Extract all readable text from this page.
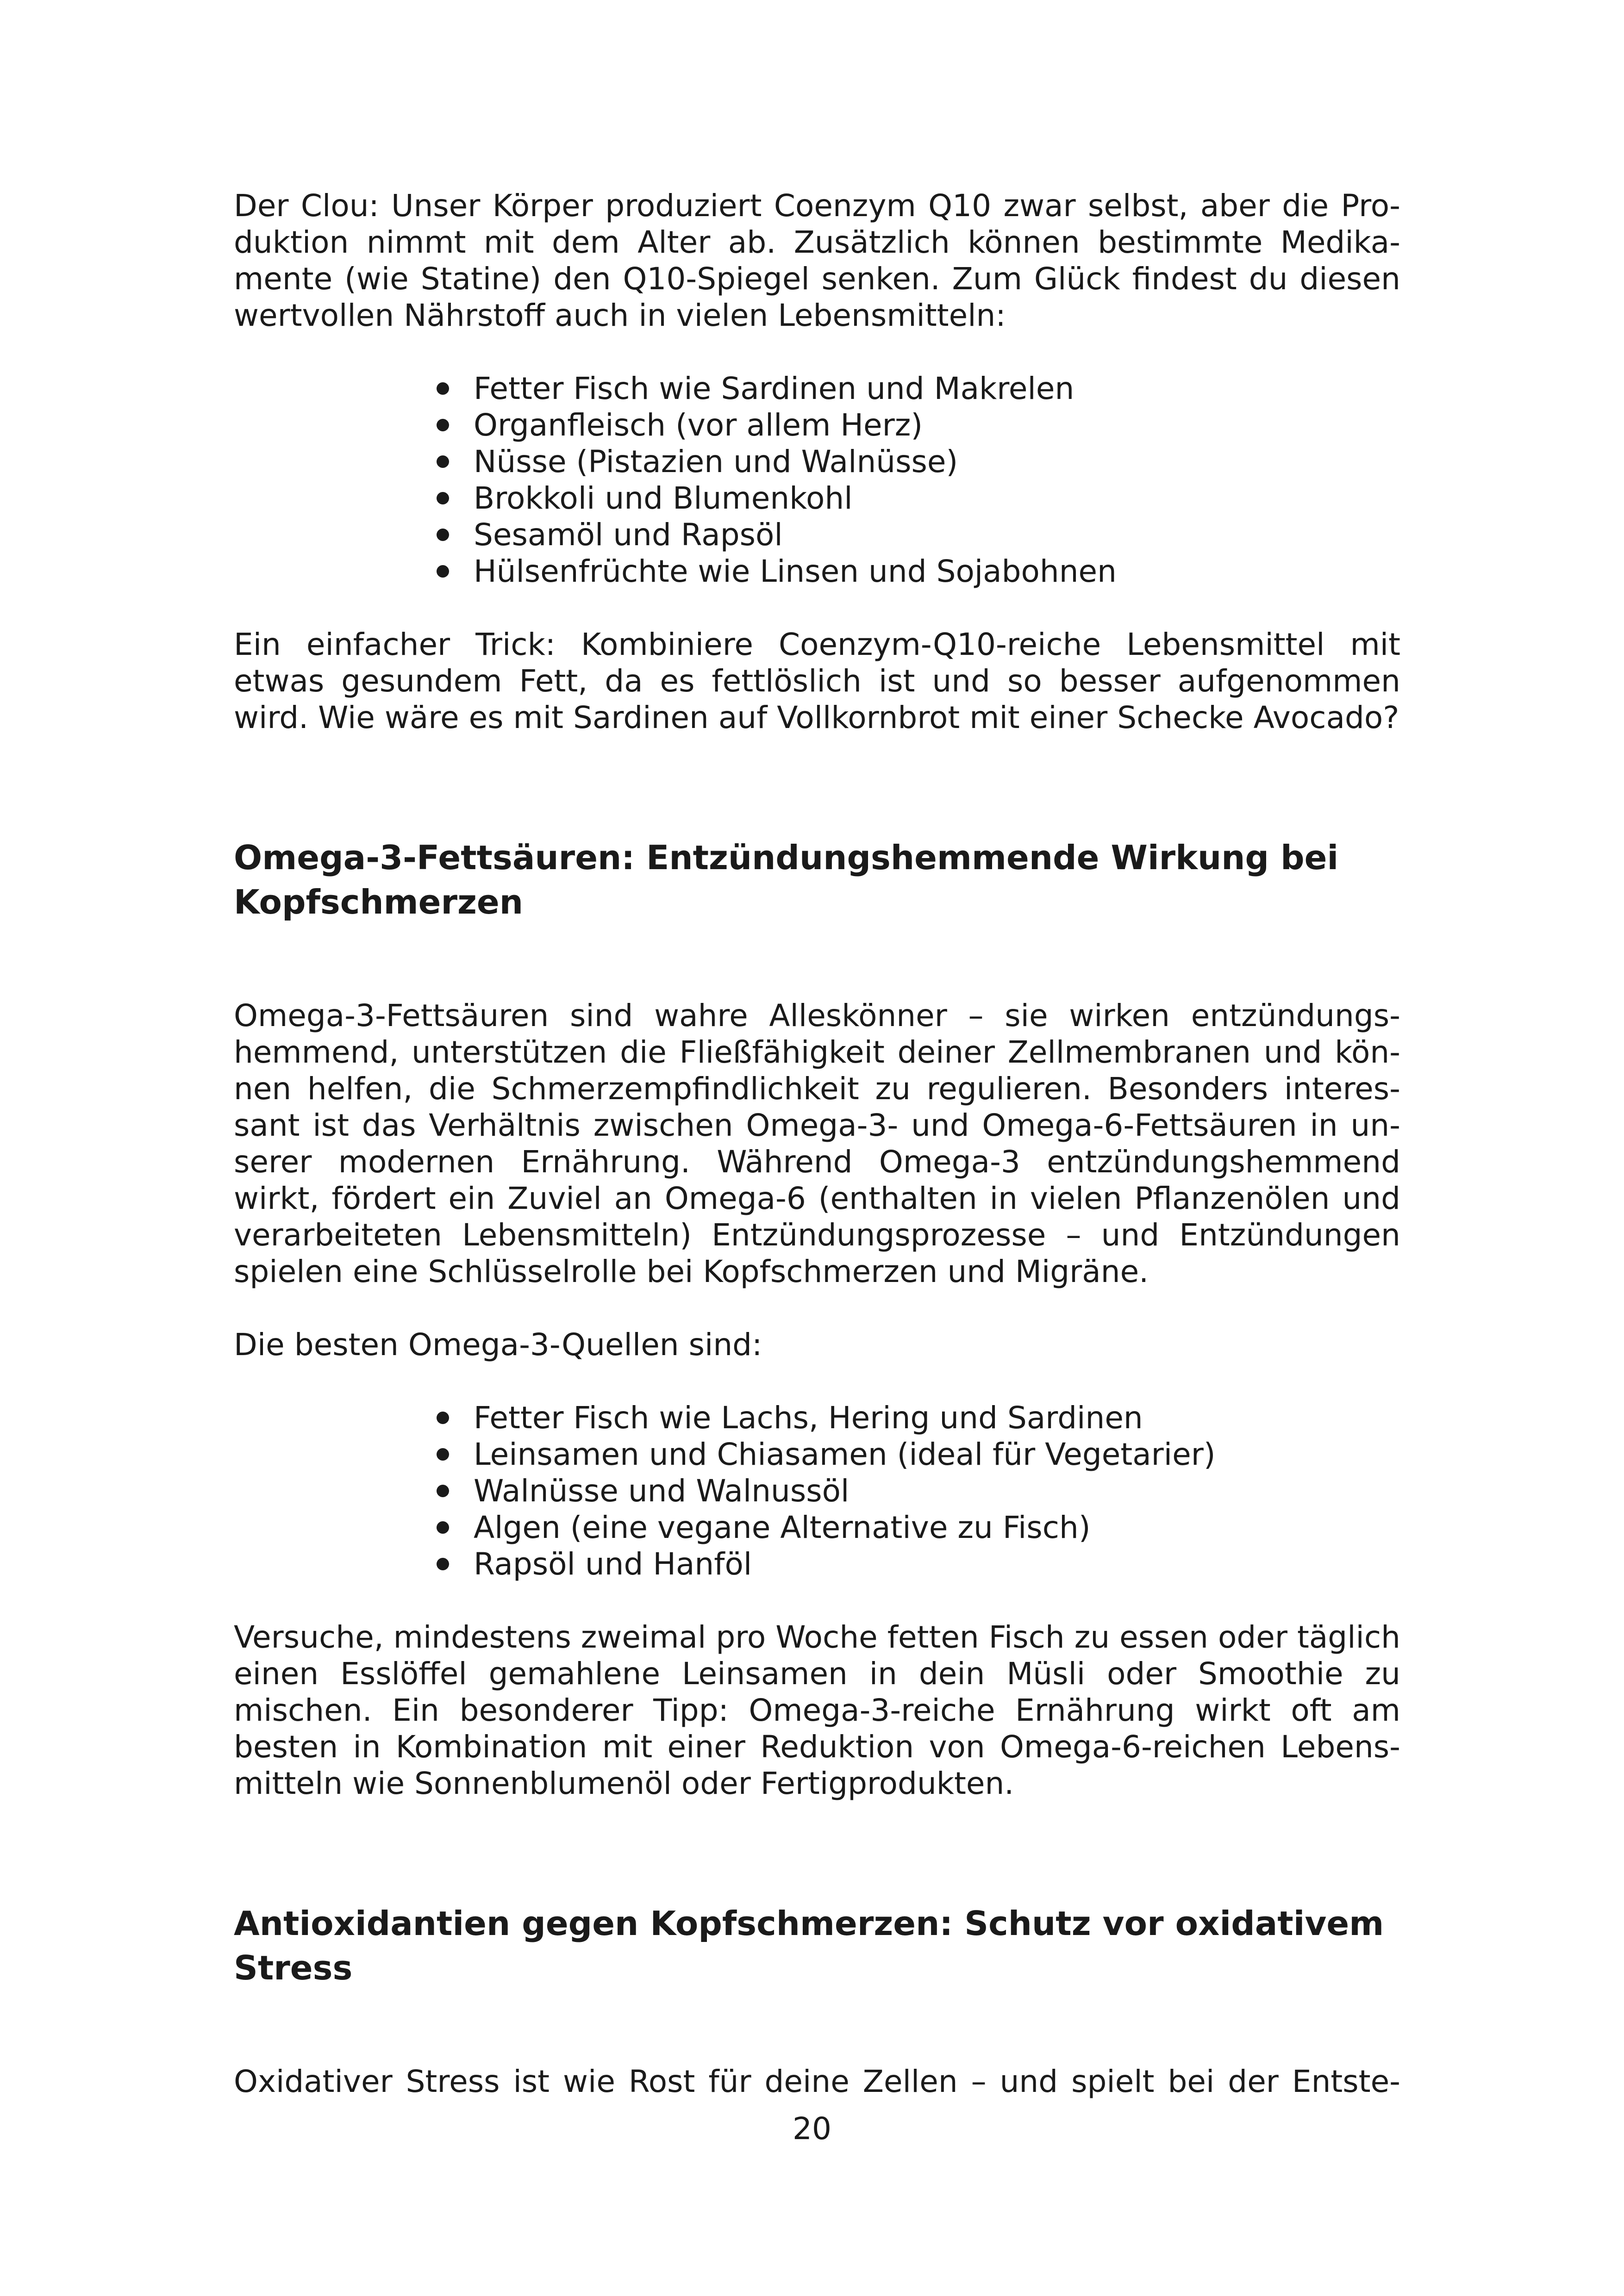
Der Clou: Unser Körper produziert Coenzym Q10 zwar selbst, aber die Produktion nimmt mit dem Alter ab. Zusätzlich können bestimmte Medikamente (wie Statine) den Q10-Spiegel senken. Zum Glück findest du diesen wertvollen Nährstoff auch in vielen Lebensmitteln:

Fetter Fisch wie Sardinen und Makrelen
Organfleisch (vor allem Herz)
Nüsse (Pistazien und Walnüsse)
Brokkoli und Blumenkohl
Sesamöl und Rapsöl
Hülsenfrüchte wie Linsen und Sojabohnen

Ein einfacher Trick: Kombiniere Coenzym-Q10-reiche Lebensmittel mit etwas gesundem Fett, da es fettlöslich ist und so besser aufgenommen wird. Wie wäre es mit Sardinen auf Vollkornbrot mit einer Schecke Avocado?

Omega-3-Fettsäuren: Entzündungshemmende Wirkung bei Kopfschmerzen

Omega-3-Fettsäuren sind wahre Alleskönner – sie wirken entzündungshemmend, unterstützen die Fließfähigkeit deiner Zellmembranen und können helfen, die Schmerzempfindlichkeit zu regulieren. Besonders interessant ist das Verhältnis zwischen Omega-3- und Omega-6-Fettsäuren in unserer modernen Ernährung. Während Omega-3 entzündungshemmend wirkt, fördert ein Zuviel an Omega-6 (enthalten in vielen Pflanzenölen und verarbeiteten Lebensmitteln) Entzündungsprozesse – und Entzündungen spielen eine Schlüsselrolle bei Kopfschmerzen und Migräne.

Die besten Omega-3-Quellen sind:

Fetter Fisch wie Lachs, Hering und Sardinen
Leinsamen und Chiasamen (ideal für Vegetarier)
Walnüsse und Walnussöl
Algen (eine vegane Alternative zu Fisch)
Rapsöl und Hanföl

Versuche, mindestens zweimal pro Woche fetten Fisch zu essen oder täglich einen Esslöffel gemahlene Leinsamen in dein Müsli oder Smoothie zu mischen. Ein besonderer Tipp: Omega-3-reiche Ernährung wirkt oft am besten in Kombination mit einer Reduktion von Omega-6-reichen Lebensmitteln wie Sonnenblumenöl oder Fertigprodukten.

Antioxidantien gegen Kopfschmerzen: Schutz vor oxidativem Stress

Oxidativer Stress ist wie Rost für deine Zellen – und spielt bei der Entste-

20
